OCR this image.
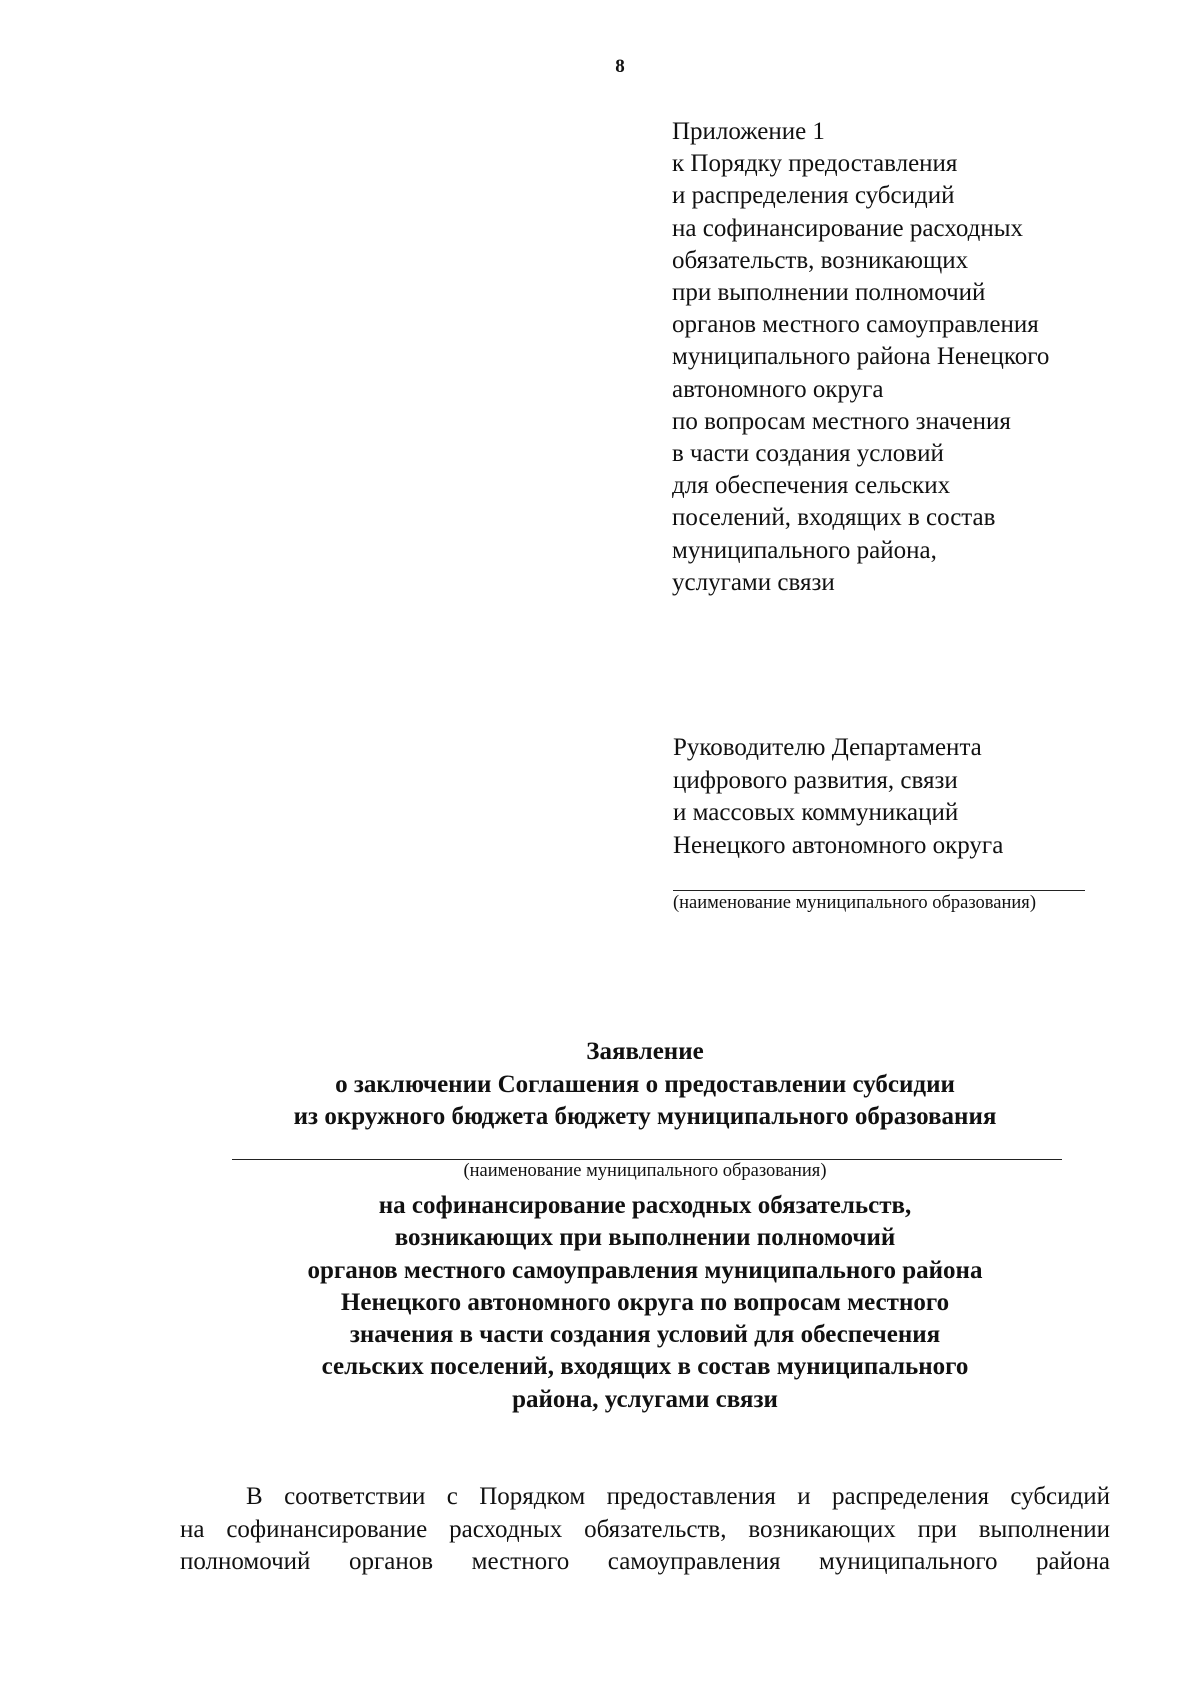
8
Приложение 1
к Порядку предоставления
и распределения субсидий
на софинансирование расходных
обязательств, возникающих
при выполнении полномочий
органов местного самоуправления
муниципального района Ненецкого
автономного округа
по вопросам местного значения
в части создания условий
для обеспечения сельских
поселений, входящих в состав
муниципального района,
услугами связи
Руководителю Департамента
цифрового развития, связи
и массовых коммуникаций
Ненецкого автономного округа
(наименование муниципального образования)
Заявление
о заключении Соглашения о предоставлении субсидии
из окружного бюджета бюджету муниципального образования
(наименование муниципального образования)
на софинансирование расходных обязательств,
возникающих при выполнении полномочий
органов местного самоуправления муниципального района
Ненецкого автономного округа по вопросам местного
значения в части создания условий для обеспечения
сельских поселений, входящих в состав муниципального
района, услугами связи
В соответствии с Порядком предоставления и распределения субсидий
на софинансирование расходных обязательств, возникающих при выполнении
полномочий органов местного самоуправления муниципального района
